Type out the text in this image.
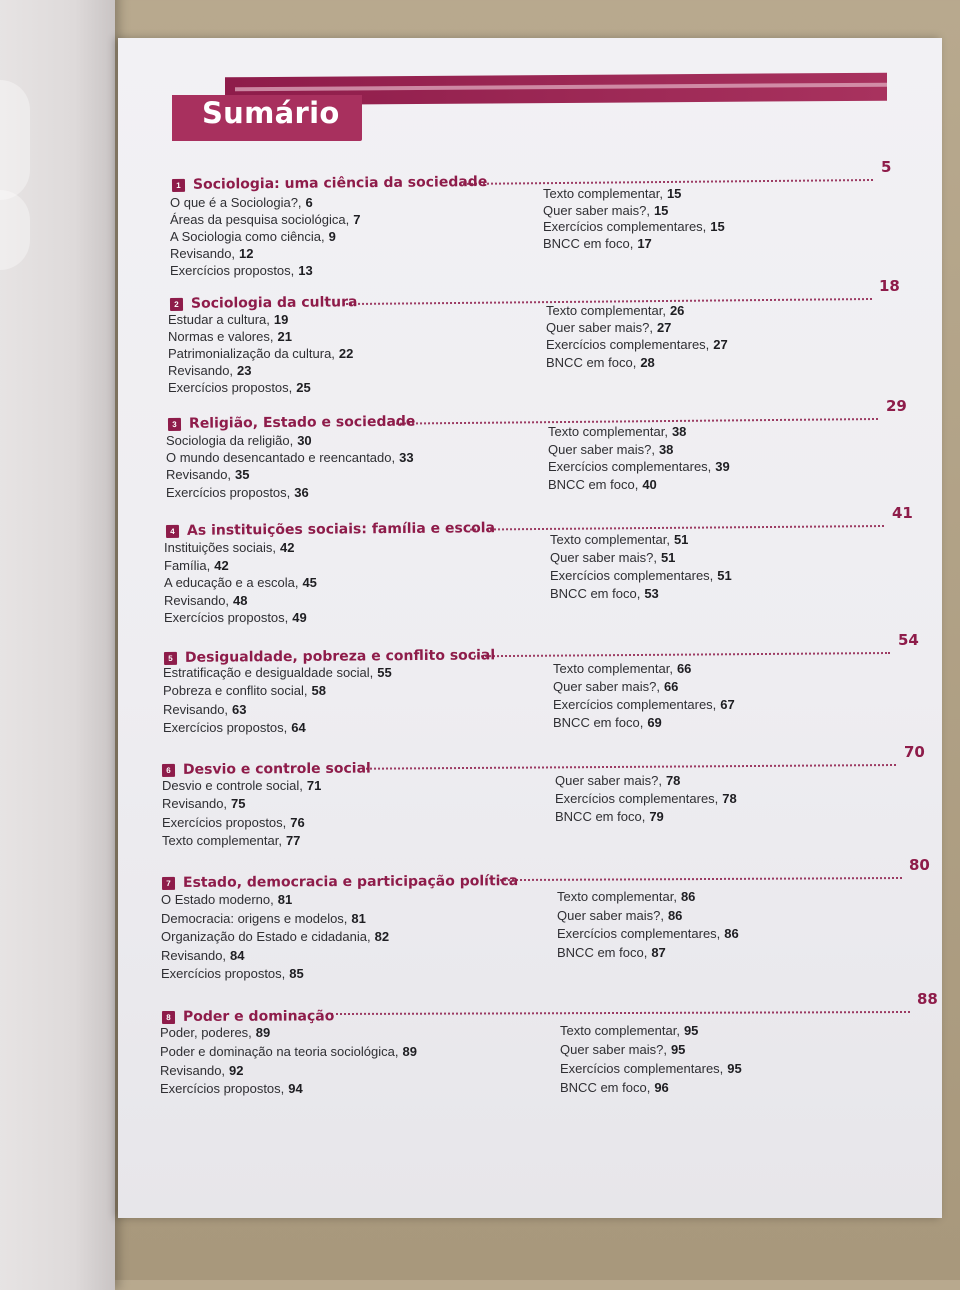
Sumário
1 Sociologia: uma ciência da sociedade
5
O que é a Sociologia?, 6
Áreas da pesquisa sociológica, 7
A Sociologia como ciência, 9
Revisando, 12
Exercícios propostos, 13
Texto complementar, 15
Quer saber mais?, 15
Exercícios complementares, 15
BNCC em foco, 17
2 Sociologia da cultura
18
Estudar a cultura, 19
Normas e valores, 21
Patrimonialização da cultura, 22
Revisando, 23
Exercícios propostos, 25
Texto complementar, 26
Quer saber mais?, 27
Exercícios complementares, 27
BNCC em foco, 28
3 Religião, Estado e sociedade
29
Sociologia da religião, 30
O mundo desencantado e reencantado, 33
Revisando, 35
Exercícios propostos, 36
Texto complementar, 38
Quer saber mais?, 38
Exercícios complementares, 39
BNCC em foco, 40
4 As instituições sociais: família e escola
41
Instituições sociais, 42
Família, 42
A educação e a escola, 45
Revisando, 48
Exercícios propostos, 49
Texto complementar, 51
Quer saber mais?, 51
Exercícios complementares, 51
BNCC em foco, 53
5 Desigualdade, pobreza e conflito social
54
Estratificação e desigualdade social, 55
Pobreza e conflito social, 58
Revisando, 63
Exercícios propostos, 64
Texto complementar, 66
Quer saber mais?, 66
Exercícios complementares, 67
BNCC em foco, 69
6 Desvio e controle social
70
Desvio e controle social, 71
Revisando, 75
Exercícios propostos, 76
Texto complementar, 77
Quer saber mais?, 78
Exercícios complementares, 78
BNCC em foco, 79
7 Estado, democracia e participação política
80
O Estado moderno, 81
Democracia: origens e modelos, 81
Organização do Estado e cidadania, 82
Revisando, 84
Exercícios propostos, 85
Texto complementar, 86
Quer saber mais?, 86
Exercícios complementares, 86
BNCC em foco, 87
8 Poder e dominação
88
Poder, poderes, 89
Poder e dominação na teoria sociológica, 89
Revisando, 92
Exercícios propostos, 94
Texto complementar, 95
Quer saber mais?, 95
Exercícios complementares, 95
BNCC em foco, 96
